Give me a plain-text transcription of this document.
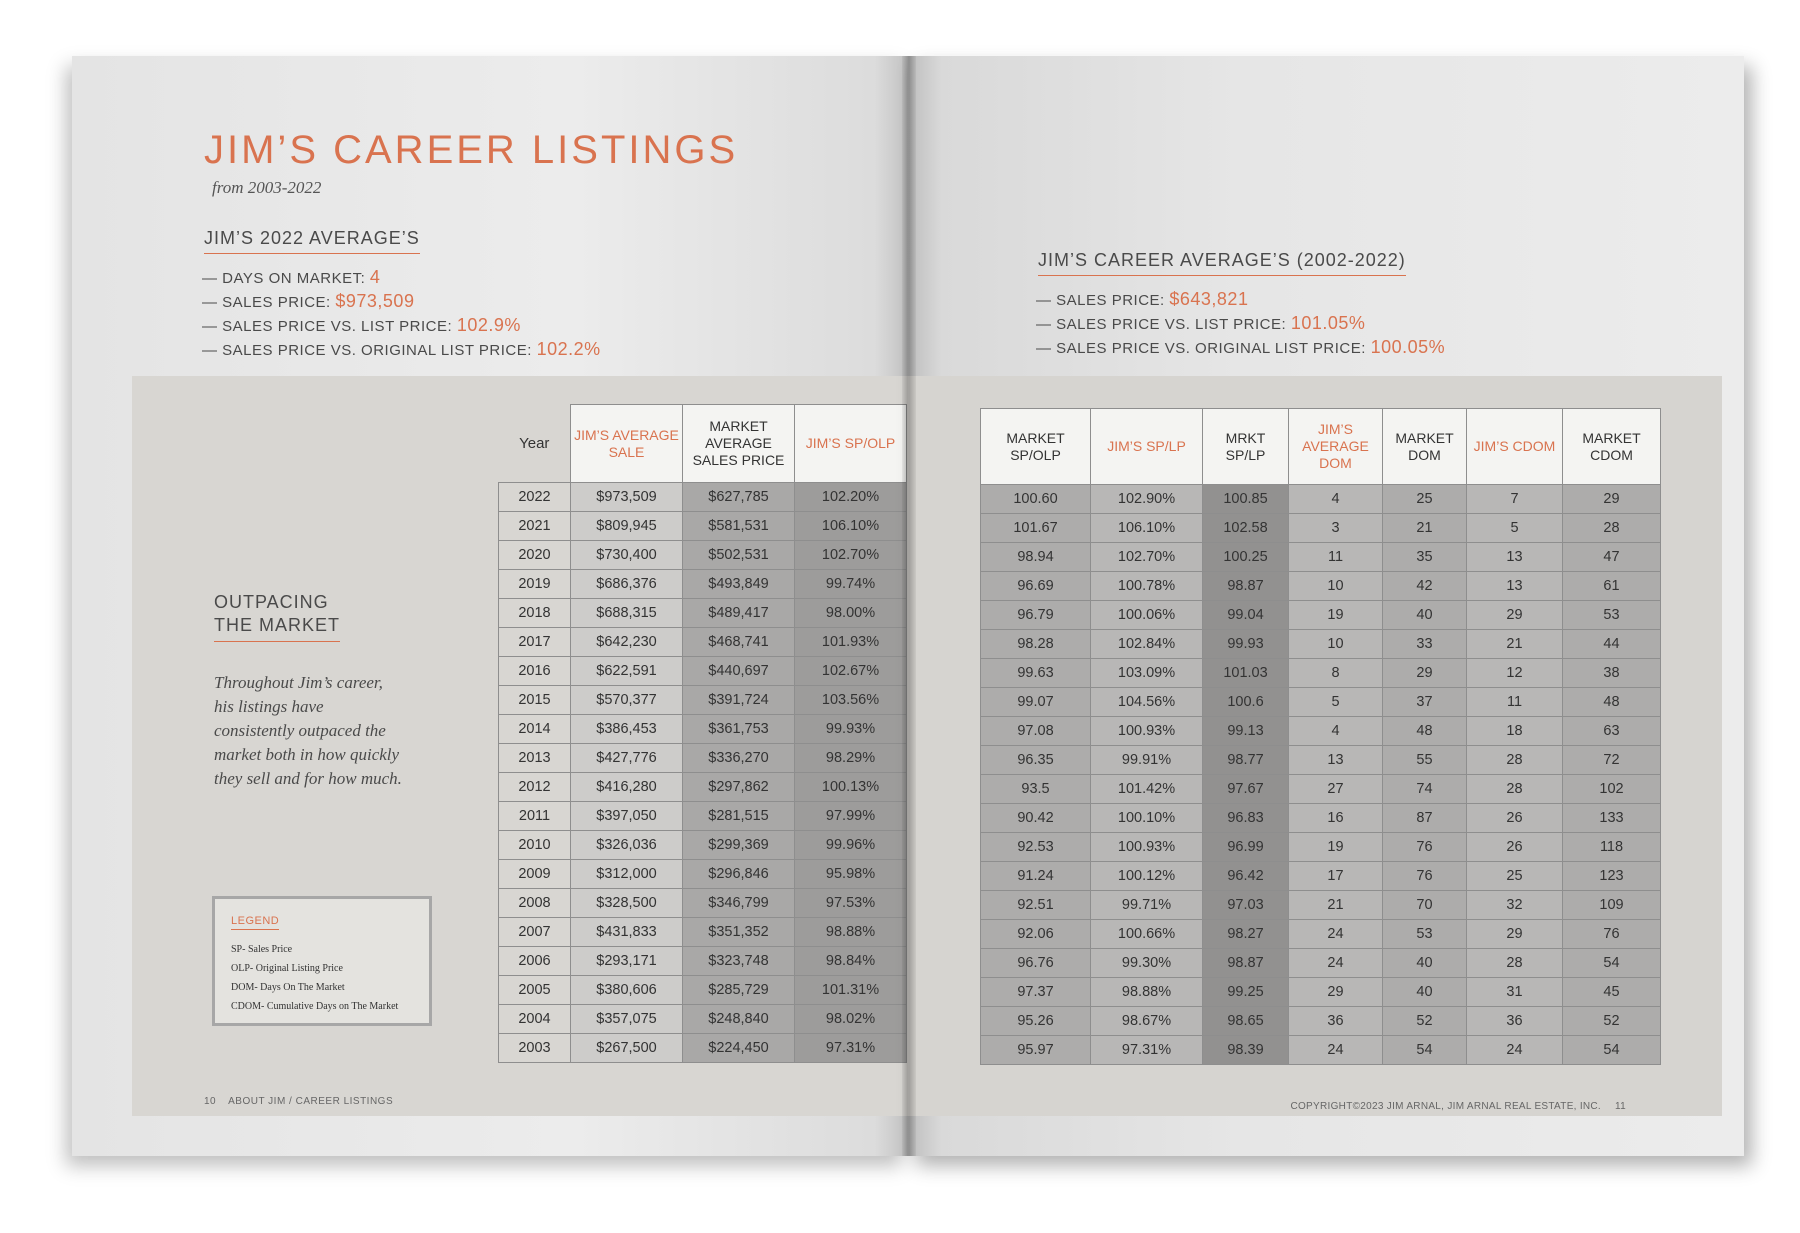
JIM’S CAREER LISTINGS
from 2003-2022
JIM’S 2022 AVERAGE’S
— DAYS ON MARKET: 4
— SALES PRICE: $973,509
— SALES PRICE VS. LIST PRICE: 102.9%
— SALES PRICE VS. ORIGINAL LIST PRICE: 102.2%
OUTPACING
THE MARKET

Throughout Jim’s career, his listings have consistently outpaced the market both in how quickly they sell and for how much.

LEGEND
SP- Sales Price
OLP- Original Listing Price
DOM- Days On The Market
CDOM- Cumulative Days on The Market
10 ABOUT JIM / CAREER LISTINGS
Year	JIM’S AVERAGE SALE	MARKET AVERAGE SALES PRICE	JIM’S SP/OLP
2022	$973,509	$627,785	102.20%
2021	$809,945	$581,531	106.10%
2020	$730,400	$502,531	102.70%
2019	$686,376	$493,849	99.74%
2018	$688,315	$489,417	98.00%
2017	$642,230	$468,741	101.93%
2016	$622,591	$440,697	102.67%
2015	$570,377	$391,724	103.56%
2014	$386,453	$361,753	99.93%
2013	$427,776	$336,270	98.29%
2012	$416,280	$297,862	100.13%
2011	$397,050	$281,515	97.99%
2010	$326,036	$299,369	99.96%
2009	$312,000	$296,846	95.98%
2008	$328,500	$346,799	97.53%
2007	$431,833	$351,352	98.88%
2006	$293,171	$323,748	98.84%
2005	$380,606	$285,729	101.31%
2004	$357,075	$248,840	98.02%
2003	$267,500	$224,450	97.31%
JIM’S CAREER AVERAGE’S (2002-2022)
— SALES PRICE: $643,821
— SALES PRICE VS. LIST PRICE: 101.05%
— SALES PRICE VS. ORIGINAL LIST PRICE: 100.05%
MARKET SP/OLP	JIM’S SP/LP	MRKT SP/LP	JIM’S AVERAGE DOM	MARKET DOM	JIM’S CDOM	MARKET CDOM
100.60	102.90%	100.85	4	25	7	29
101.67	106.10%	102.58	3	21	5	28
98.94	102.70%	100.25	11	35	13	47
96.69	100.78%	98.87	10	42	13	61
96.79	100.06%	99.04	19	40	29	53
98.28	102.84%	99.93	10	33	21	44
99.63	103.09%	101.03	8	29	12	38
99.07	104.56%	100.6	5	37	11	48
97.08	100.93%	99.13	4	48	18	63
96.35	99.91%	98.77	13	55	28	72
93.5	101.42%	97.67	27	74	28	102
90.42	100.10%	96.83	16	87	26	133
92.53	100.93%	96.99	19	76	26	118
91.24	100.12%	96.42	17	76	25	123
92.51	99.71%	97.03	21	70	32	109
92.06	100.66%	98.27	24	53	29	76
96.76	99.30%	98.87	24	40	28	54
97.37	98.88%	99.25	29	40	31	45
95.26	98.67%	98.65	36	52	36	52
95.97	97.31%	98.39	24	54	24	54
COPYRIGHT©2023 JIM ARNAL, JIM ARNAL REAL ESTATE, INC. 11
